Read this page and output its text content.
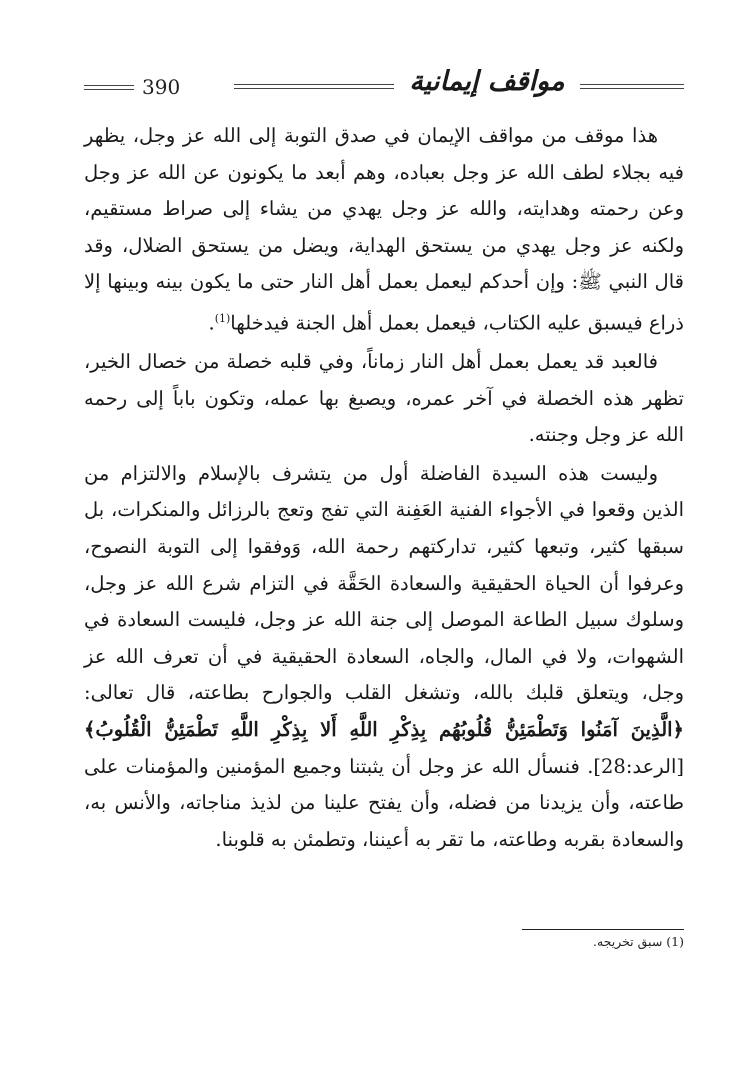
390	مواقف إيمانية

هذا موقف من مواقف الإيمان في صدق التوبة إلى الله عز وجل، يظهر فيه بجلاء لطف الله عز وجل بعباده، وهم أبعد ما يكونون عن الله عز وجل وعن رحمته وهدايته، والله عز وجل يهدي من يشاء إلى صراط مستقيم، ولكنه عز وجل يهدي من يستحق الهداية، ويضل من يستحق الضلال، وقد قال النبي ﷺ: وإن أحدكم ليعمل بعمل أهل النار حتى ما يكون بينه وبينها إلا ذراع فيسبق عليه الكتاب، فيعمل بعمل أهل الجنة فيدخلها$^{(1)}$.

فالعبد قد يعمل بعمل أهل النار زماناً، وفي قلبه خصلة من خصال الخير، تظهر هذه الخصلة في آخر عمره، ويصبغ بها عمله، وتكون باباً إلى رحمه الله عز وجل وجنته.

وليست هذه السيدة الفاضلة أول من يتشرف بالإسلام والالتزام من الذين وقعوا في الأجواء الفنية العَفِنة التي تفج وتعج بالرزائل والمنكرات، بل سبقها كثير، وتبعها كثير، تداركتهم رحمة الله، وَوفقوا إلى التوبة النصوح، وعرفوا أن الحياة الحقيقية والسعادة الحَقَّة في التزام شرع الله عز وجل، وسلوك سبيل الطاعة الموصل إلى جنة الله عز وجل، فليست السعادة في الشهوات، ولا في المال، والجاه، السعادة الحقيقية في أن تعرف الله عز وجل، ويتعلق قلبك بالله، وتشغل القلب والجوارح بطاعته، قال تعالى: ﴿الَّذِينَ آمَنُوا وَتَطْمَئِنُّ قُلُوبُهُم بِذِكْرِ اللَّهِ أَلا بِذِكْرِ اللَّهِ تَطْمَئِنُّ الْقُلُوبُ﴾ [الرعد:28]. فنسأل الله عز وجل أن يثبتنا وجميع المؤمنين والمؤمنات على طاعته، وأن يزيدنا من فضله، وأن يفتح علينا من لذيذ مناجاته، والأنس به، والسعادة بقربه وطاعته، ما تقر به أعيننا، وتطمئن به قلوبنا.

(1) سبق تخريجه.
